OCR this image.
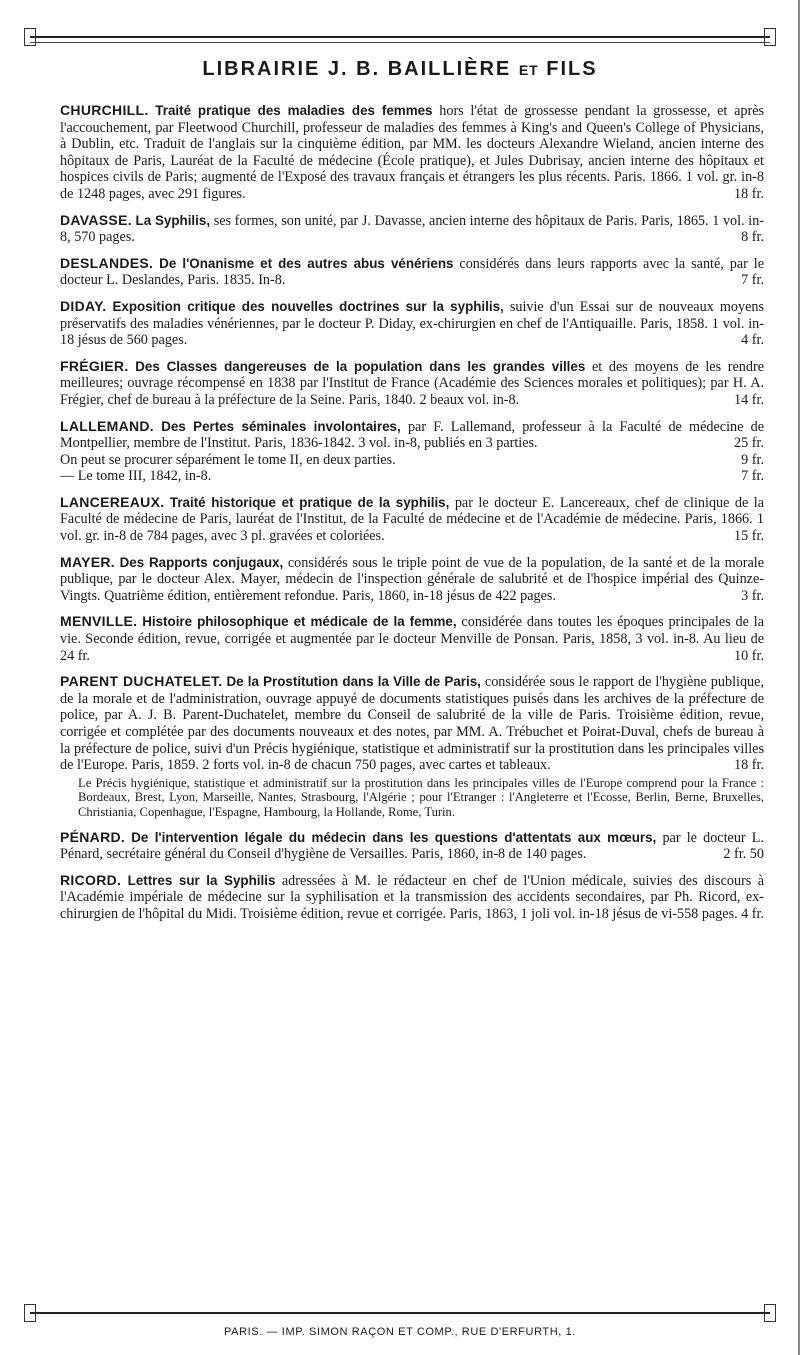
LIBRAIRIE J. B. BAILLIÈRE ET FILS

CHURCHILL. Traité pratique des maladies des femmes hors l'état de grossesse pendant la grossesse, et après l'accouchement, par Fleetwood Churchill, professeur de maladies des femmes à King's and Queen's College of Physicians, à Dublin, etc. Traduit de l'anglais sur la cinquième édition, par MM. les docteurs Alexandre Wieland, ancien interne des hôpitaux de Paris, Lauréat de la Faculté de médecine (École pratique), et Jules Dubrisay, ancien interne des hôpitaux et hospices civils de Paris; augmenté de l'Exposé des travaux français et étrangers les plus récents. Paris. 1866. 1 vol. gr. in-8 de 1248 pages, avec 291 figures.	18 fr.

DAVASSE. La Syphilis, ses formes, son unité, par J. Davasse, ancien interne des hôpitaux de Paris. Paris, 1865. 1 vol. in-8, 570 pages.	8 fr.

DESLANDES. De l'Onanisme et des autres abus vénériens considérés dans leurs rapports avec la santé, par le docteur L. Deslandes, Paris. 1835. In-8.	7 fr.

DIDAY. Exposition critique des nouvelles doctrines sur la syphilis, suivie d'un Essai sur de nouveaux moyens préservatifs des maladies vénériennes, par le docteur P. Diday, ex-chirurgien en chef de l'Antiquaille. Paris, 1858. 1 vol. in-18 jésus de 560 pages.	4 fr.

FRÉGIER. Des Classes dangereuses de la population dans les grandes villes et des moyens de les rendre meilleures; ouvrage récompensé en 1838 par l'Institut de France (Académie des Sciences morales et politiques); par H. A. Frégier, chef de bureau à la préfecture de la Seine. Paris, 1840. 2 beaux vol. in-8.	14 fr.

LALLEMAND. Des Pertes séminales involontaires, par F. Lallemand, professeur à la Faculté de médecine de Montpellier, membre de l'Institut. Paris, 1836-1842. 3 vol. in-8, publiés en 3 parties.	25 fr.

On peut se procurer séparément le tome II, en deux parties.	9 fr.

— Le tome III, 1842, in-8.	7 fr.

LANCEREAUX. Traité historique et pratique de la syphilis, par le docteur E. Lancereaux, chef de clinique de la Faculté de médecine de Paris, lauréat de l'Institut, de la Faculté de médecine et de l'Académie de médecine. Paris, 1866. 1 vol. gr. in-8 de 784 pages, avec 3 pl. gravées et coloriées.	15 fr.

MAYER. Des Rapports conjugaux, considérés sous le triple point de vue de la population, de la santé et de la morale publique, par le docteur Alex. Mayer, médecin de l'inspection générale de salubrité et de l'hospice impérial des Quinze-Vingts. Quatrième édition, entièrement refondue. Paris, 1860, in-18 jésus de 422 pages.	3 fr.

MENVILLE. Histoire philosophique et médicale de la femme, considérée dans toutes les époques principales de la vie. Seconde édition, revue, corrigée et augmentée par le docteur Menville de Ponsan. Paris, 1858, 3 vol. in-8. Au lieu de 24 fr.	10 fr.

PARENT DUCHATELET. De la Prostitution dans la Ville de Paris, considérée sous le rapport de l'hygiène publique, de la morale et de l'administration, ouvrage appuyé de documents statistiques puisés dans les archives de la préfecture de police, par A. J. B. Parent-Duchatelet, membre du Conseil de salubrité de la ville de Paris. Troisième édition, revue, corrigée et complétée par des documents nouveaux et des notes, par MM. A. Trébuchet et Poirat-Duval, chefs de bureau à la préfecture de police, suivi d'un Précis hygiénique, statistique et administratif sur la prostitution dans les principales villes de l'Europe. Paris, 1859. 2 forts vol. in-8 de chacun 750 pages, avec cartes et tableaux.	18 fr.

Le Précis hygiénique, statistique et administratif sur la prostitution dans les principales villes de l'Europe comprend pour la France : Bordeaux, Brest, Lyon, Marseille, Nantes, Strasbourg, l'Algérie ; pour l'Etranger : l'Angleterre et l'Ecosse, Berlin, Berne, Bruxelles, Christiania, Copenhague, l'Espagne, Hambourg, la Hollande, Rome, Turin.

PÉNARD. De l'intervention légale du médecin dans les questions d'attentats aux mœurs, par le docteur L. Pénard, secrétaire général du Conseil d'hygiène de Versailles. Paris, 1860, in-8 de 140 pages.	2 fr. 50

RICORD. Lettres sur la Syphilis adressées à M. le rédacteur en chef de l'Union médicale, suivies des discours à l'Académie impériale de médecine sur la syphilisation et la transmission des accidents secondaires, par Ph. Ricord, ex-chirurgien de l'hôpital du Midi. Troisième édition, revue et corrigée. Paris, 1863, 1 joli vol. in-18 jésus de vi-558 pages. 4 fr.

PARIS. — IMP. SIMON RAÇON ET COMP., RUE D'ERFURTH, 1.
